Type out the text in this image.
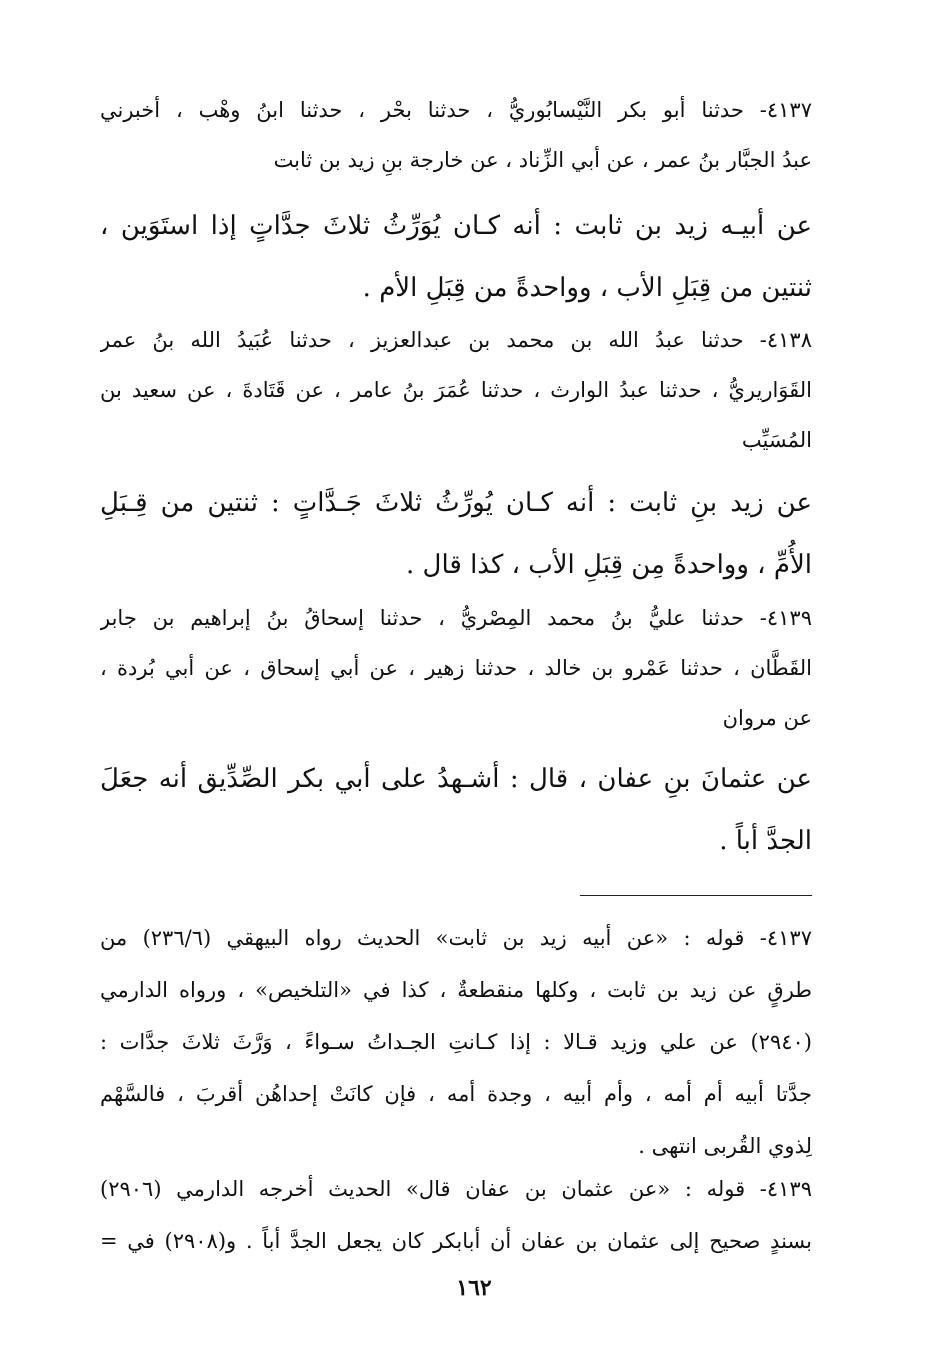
٤١٣٧- حدثنا أبو بكر النَّيْسابُوريُّ ، حدثنا بحْر ، حدثنا ابنُ وهْب ، أخبرني
عبدُ الجبَّار بنُ عمر ، عن أبي الزِّناد ، عن خارجة بنِ زيد بن ثابت
عن أبيـه زيد بن ثابت : أنه كـان يُوَرِّثُ ثلاثَ جدَّاتٍ إذا استَوَين ،
ثنتين من قِبَلِ الأب ، وواحدةً من قِبَلِ الأم .
٤١٣٨- حدثنا عبدُ الله بن محمد بن عبدالعزيز ، حدثنا عُبَيدُ الله بنُ عمر
القَوَاريريُّ ، حدثنا عبدُ الوارث ، حدثنا عُمَرَ بنُ عامر ، عن قَتَادةَ ، عن سعيد بن
المُسَيِّب
عن زيد بنِ ثابت : أنه كـان يُورِّثُ ثلاثَ جَـدَّاتٍ : ثنتين من قِـبَلِ
الأُمِّ ، وواحدةً مِن قِبَلِ الأب ، كذا قال .
٤١٣٩- حدثنا عليُّ بنُ محمد المِصْريُّ ، حدثنا إسحاقُ بنُ إبراهيم بن جابر
القَطَّان ، حدثنا عَمْرو بن خالد ، حدثنا زهير ، عن أبي إسحاق ، عن أبي بُردة ،
عن مروان
عن عثمانَ بنِ عفان ، قال : أشـهدُ على أبي بكر الصِّدِّيق أنه جعَلَ
الجدَّ أباً .
٤١٣٧- قوله : «عن أبيه زيد بن ثابت» الحديث رواه البيهقي (٢٣٦/٦) من
طرقٍ عن زيد بن ثابت ، وكلها منقطعةٌ ، كذا في «التلخيص» ، ورواه الدارمي
(٢٩٤٠) عن علي وزيد قـالا : إذا كـانتِ الجـداتُ سـواءً ، وَرَّثَ ثلاثَ جدَّات :
جدَّتا أبيه أم أمه ، وأم أبيه ، وجدة أمه ، فإن كانَتْ إحداهُن أقربَ ، فالسَّهْم
لِذوي القُربى انتهى .
٤١٣٩- قوله : «عن عثمان بن عفان قال» الحديث أخرجه الدارمي (٢٩٠٦)
بسندٍ صحيح إلى عثمان بن عفان أن أبابكر كان يجعل الجدَّ أباً . و(٢٩٠٨) في =
١٦٢
